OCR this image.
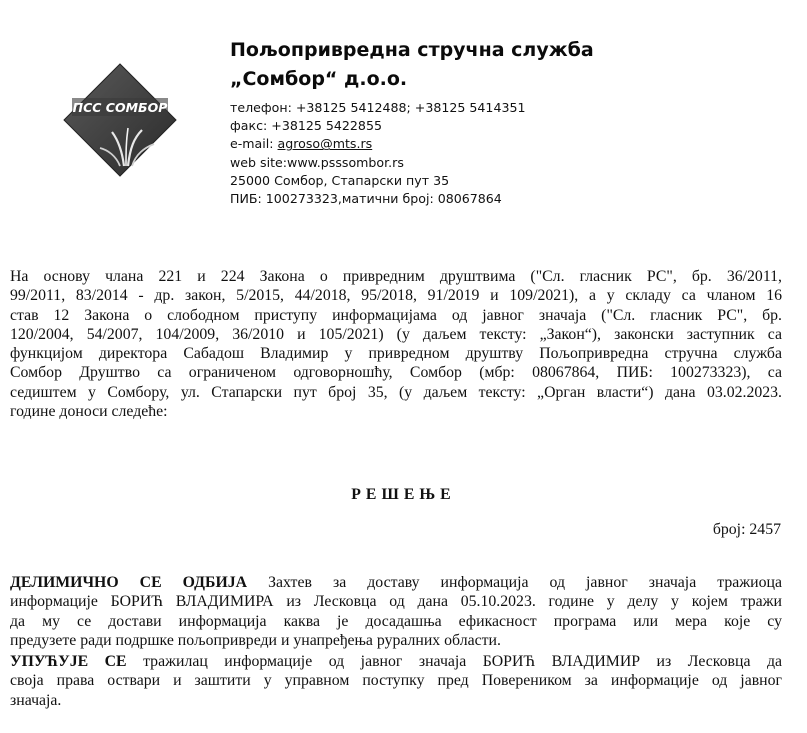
ПСС СОМБОР
Пољопривредна стручна служба
„Сомбор“ д.о.о.
телефон: +38125 5412488; +38125 5414351
факс: +38125 5422855
e-mail: agroso@mts.rs
web site:www.psssombor.rs
25000 Сомбор, Стапарски пут 35
ПИБ: 100273323,матични број: 08067864
На основу члана 221 и 224 Закона о привредним друштвима ("Сл. гласник РС", бр. 36/2011,
99/2011, 83/2014 - др. закон, 5/2015, 44/2018, 95/2018, 91/2019 и 109/2021), а у складу са чланом 16
став 12 Закона о слободном приступу информацијама од јавног значаја ("Сл. гласник РС", бр.
120/2004, 54/2007, 104/2009, 36/2010 и 105/2021) (у даљем тексту: „Закон“), законски заступник са
функцијом директора Сабадош Владимир у привредном друштву Пољопривредна стручна служба
Сомбор Друштво са ограниченом одговорношћу, Сомбор (мбр: 08067864, ПИБ: 100273323), са
седиштем у Сомбору, ул. Стапарски пут број 35, (у даљем тексту: „Орган власти“) дана 03.02.2023.
године доноси следеће:
РЕШЕЊЕ
број: 2457
ДЕЛИМИЧНО СЕ ОДБИЈА Захтев за доставу информација од јавног значаја тражиоца
информације БОРИЋ ВЛАДИМИРА из Лесковца од дана 05.10.2023. године у делу у којем тражи
да му се достави информација каква је досадашња ефикасност програма или мера које су
предузете ради подршке пољопривреди и унапређења руралних области.
УПУЋУЈЕ СЕ тражилац информације од јавног значаја БОРИЋ ВЛАДИМИР из Лесковца да
своја права оствари и заштити у управном поступку пред Повереником за информације од јавног
значаја.
